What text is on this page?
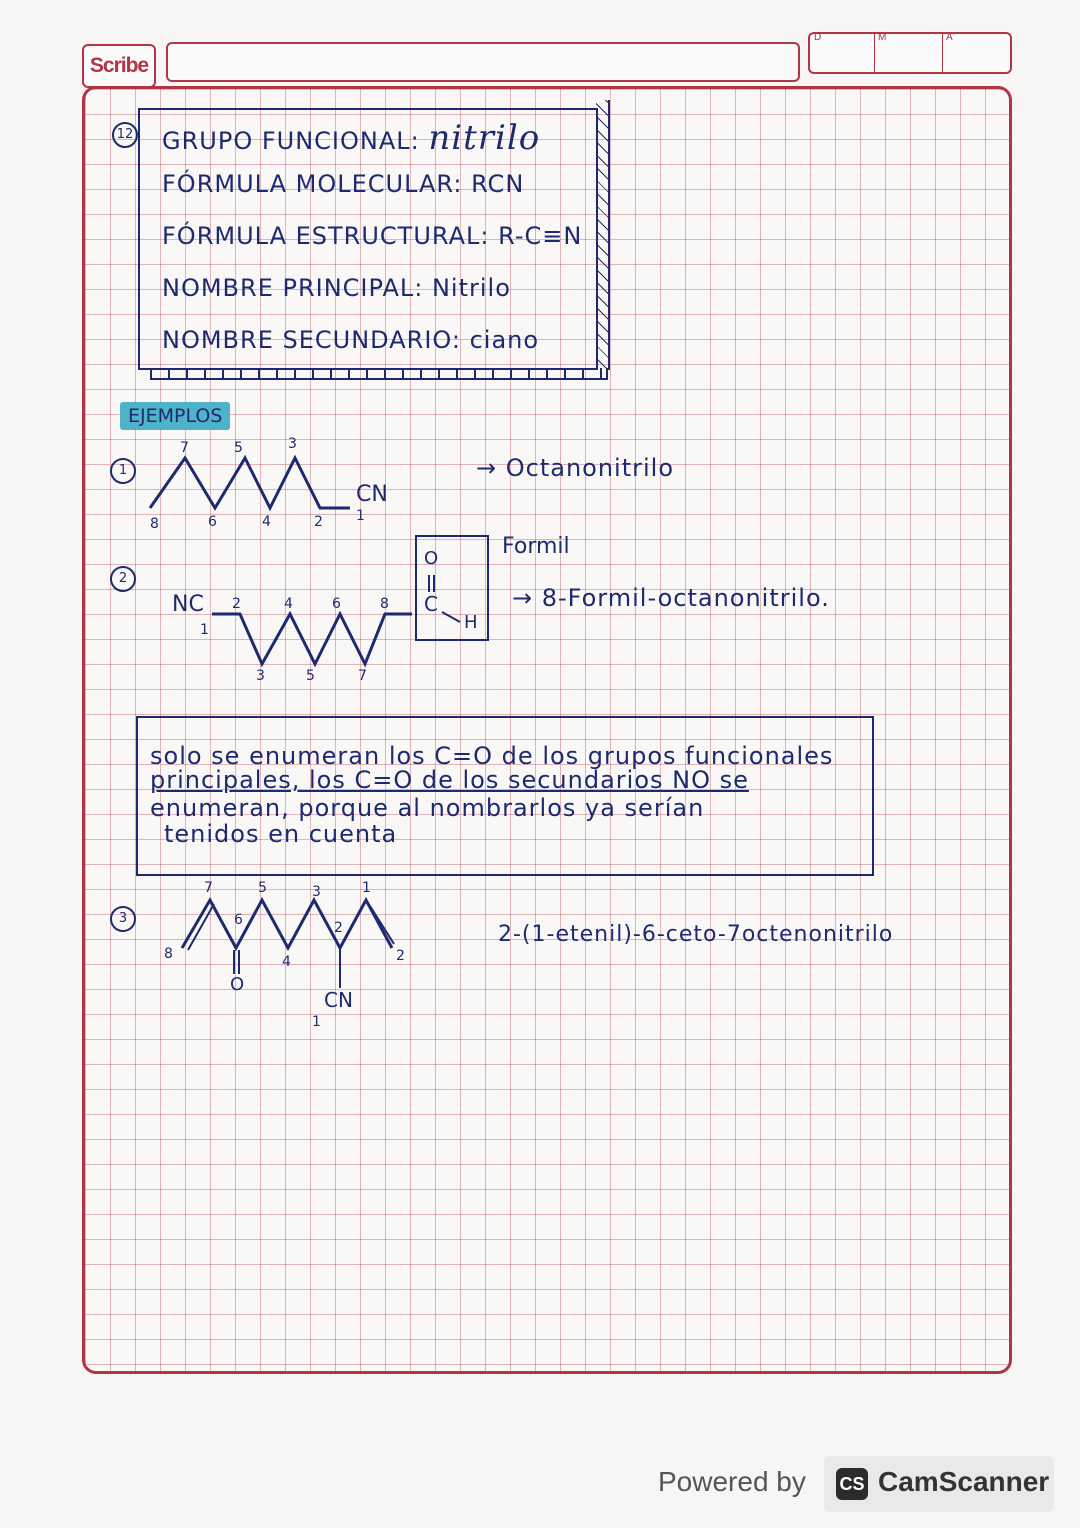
Scribe
D	M	A
12 GRUPO FUNCIONAL: nitrilo
FÓRMULA MOLECULAR: RCN
FÓRMULA ESTRUCTURAL: R-C≡N
NOMBRE PRINCIPAL: Nitrilo
NOMBRE SECUNDARIO: ciano
EJEMPLOS
1
7	5	3
8	6	4	2 1
CN
→ Octanonitrilo
2
NC
1
2	4	6	8
3	5	7
O
C
H
Formil
→ 8-Formil-octanonitrilo.
solo se enumeran los C=O de los grupos funcionales
principales, los C=O de los secundarios NO se
enumeran, porque al nombrarlos ya serían
tenidos en cuenta
3
7	5	3	1
8
6
4
2
2
O
CN
1
2-(1-etenil)-6-ceto-7octenonitrilo
Powered by CS CamScanner
